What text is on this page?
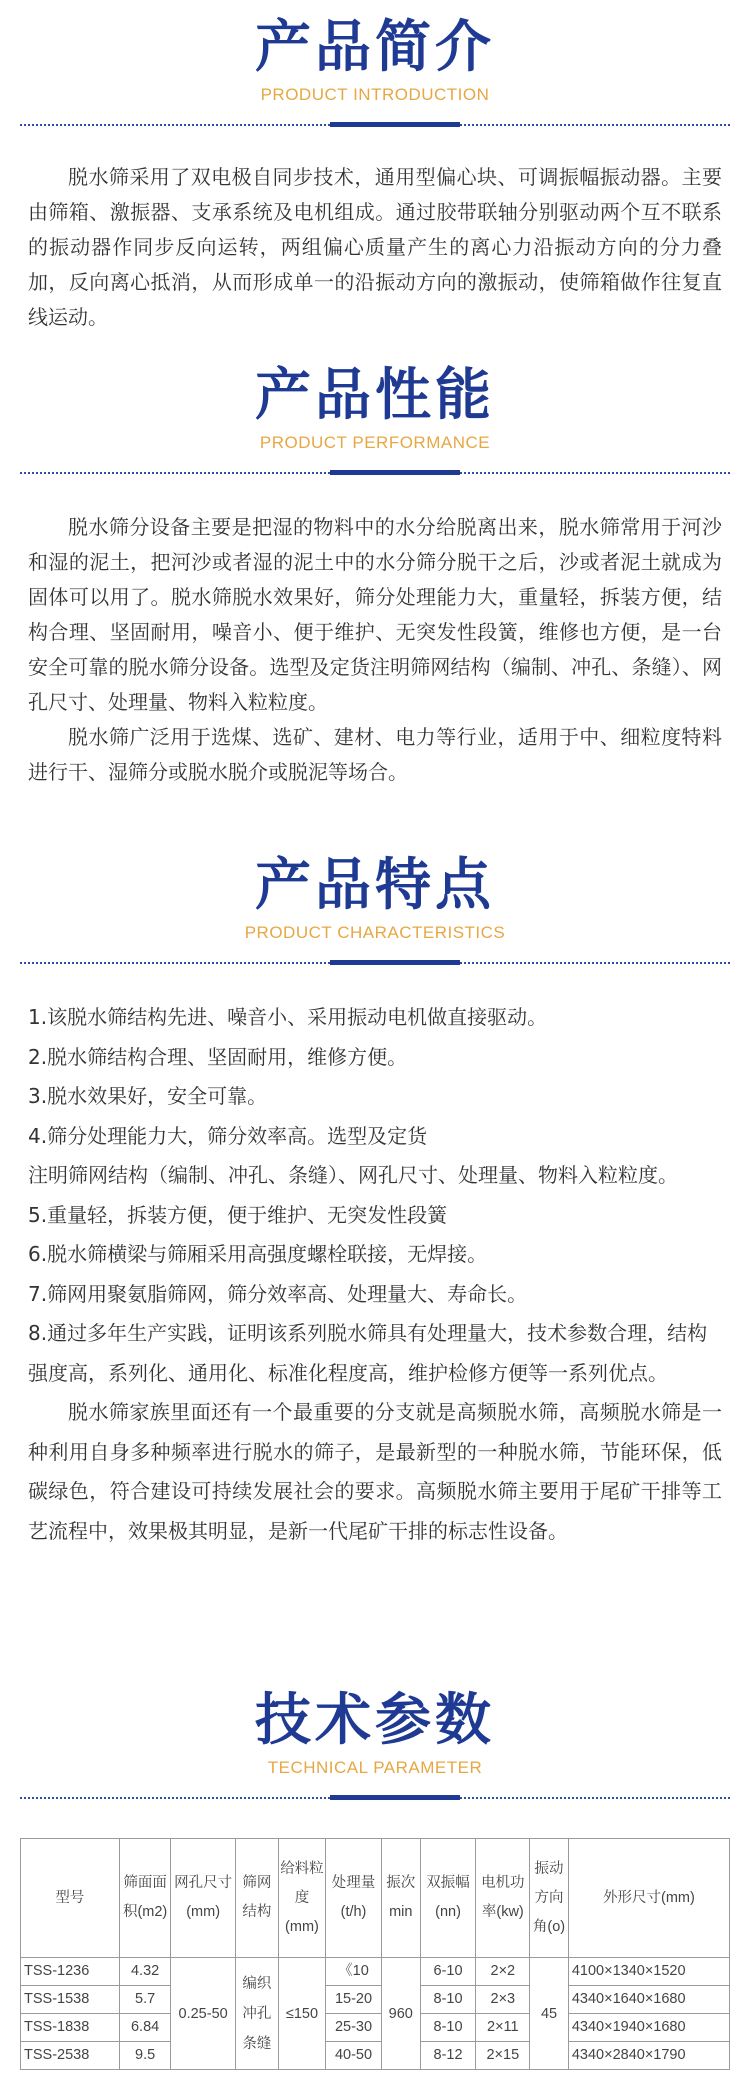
产品简介
PRODUCT INTRODUCTION

脱水筛采用了双电极自同步技术，通用型偏心块、可调振幅振动器。主要由筛箱、激振器、支承系统及电机组成。通过胶带联轴分别驱动两个互不联系的振动器作同步反向运转，两组偏心质量产生的离心力沿振动方向的分力叠加，反向离心抵消，从而形成单一的沿振动方向的激振动，使筛箱做作往复直线运动。

产品性能
PRODUCT PERFORMANCE

脱水筛分设备主要是把湿的物料中的水分给脱离出来，脱水筛常用于河沙和湿的泥土，把河沙或者湿的泥土中的水分筛分脱干之后，沙或者泥土就成为固体可以用了。脱水筛脱水效果好，筛分处理能力大，重量轻，拆装方便，结构合理、坚固耐用，噪音小、便于维护、无突发性段簧，维修也方便，是一台安全可靠的脱水筛分设备。选型及定货注明筛网结构（编制、冲孔、条缝）、网孔尺寸、处理量、物料入粒粒度。

脱水筛广泛用于选煤、选矿、建材、电力等行业，适用于中、细粒度特料进行干、湿筛分或脱水脱介或脱泥等场合。

产品特点
PRODUCT CHARACTERISTICS
1.该脱水筛结构先进、噪音小、采用振动电机做直接驱动。
2.脱水筛结构合理、坚固耐用，维修方便。
3.脱水效果好，安全可靠。
4.筛分处理能力大，筛分效率高。选型及定货
注明筛网结构（编制、冲孔、条缝）、网孔尺寸、处理量、物料入粒粒度。
5.重量轻，拆装方便，便于维护、无突发性段簧
6.脱水筛横梁与筛厢采用高强度螺栓联接，无焊接。
7.筛网用聚氨脂筛网，筛分效率高、处理量大、寿命长。
8.通过多年生产实践，证明该系列脱水筛具有处理量大，技术参数合理，结构强度高，系列化、通用化、标准化程度高，维护检修方便等一系列优点。

脱水筛家族里面还有一个最重要的分支就是高频脱水筛，高频脱水筛是一种利用自身多种频率进行脱水的筛子，是最新型的一种脱水筛，节能环保，低碳绿色，符合建设可持续发展社会的要求。高频脱水筛主要用于尾矿干排等工艺流程中，效果极其明显，是新一代尾矿干排的标志性设备。

技术参数
TECHNICAL PARAMETER
型号	筛面面积(m2)	网孔尺寸(mm)	筛网结构	给料粒度(mm)	处理量(t/h)	振次min	双振幅(nn)	电机功率(kw)	振动方向角(o)	外形尺寸(mm)
TSS-1236	4.32	0.25-50	编织冲孔条缝	≤150	《10	960	6-10	2×2	45	4100×1340×1520
TSS-1538	5.7				15-20		8-10	2×3		4340×1640×1680
TSS-1838	6.84				25-30		8-10	2×11		4340×1940×1680
TSS-2538	9.5				40-50		8-12	2×15		4340×2840×1790
